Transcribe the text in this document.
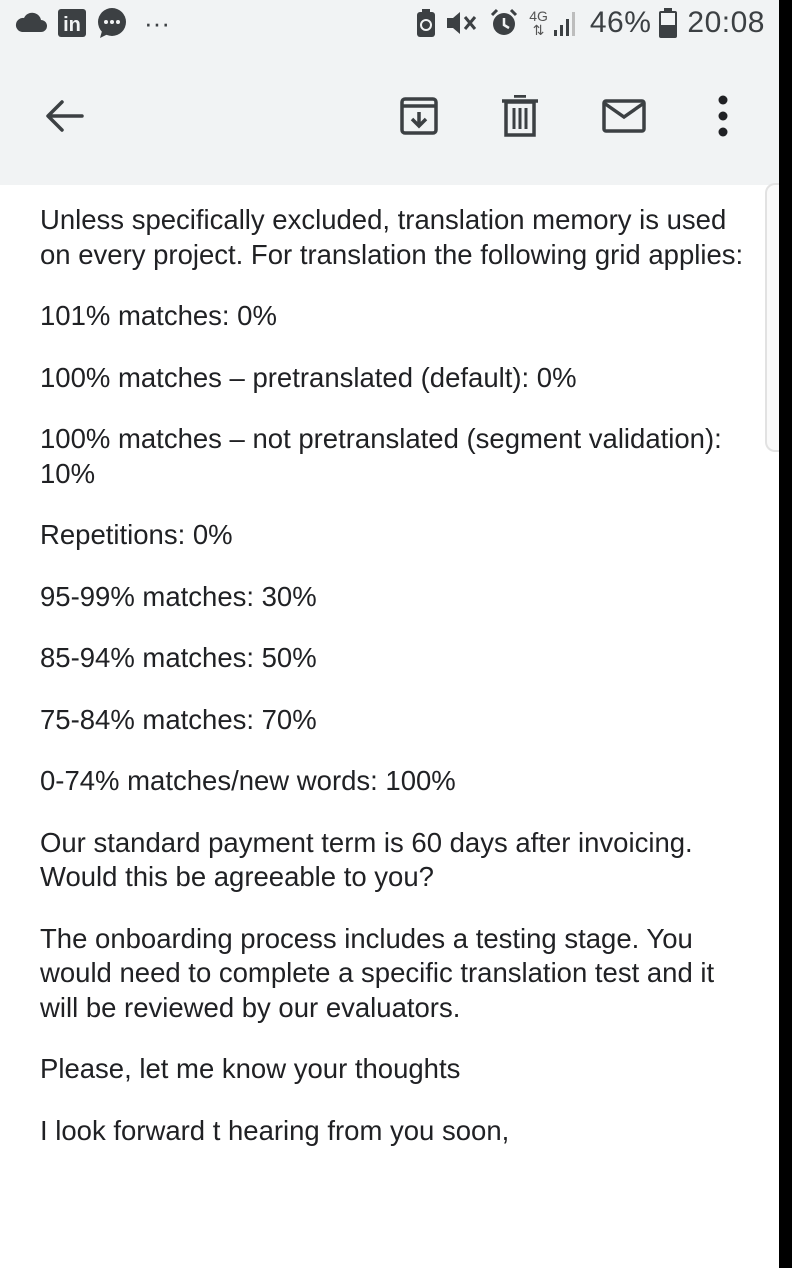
in ···	4G
⇅ 46% 20:08

Unless specifically excluded, translation memory is used on every project. For translation the following grid applies:

101% matches: 0%

100% matches – pretranslated (default): 0%

100% matches – not pretranslated (segment validation): 10%

Repetitions: 0%

95-99% matches: 30%

85-94% matches: 50%

75-84% matches: 70%

0-74% matches/new words: 100%

Our standard payment term is 60 days after invoicing. Would this be agreeable to you?

The onboarding process includes a testing stage. You would need to complete a specific translation test and it will be reviewed by our evaluators.

Please, let me know your thoughts

I look forward t hearing from you soon,
